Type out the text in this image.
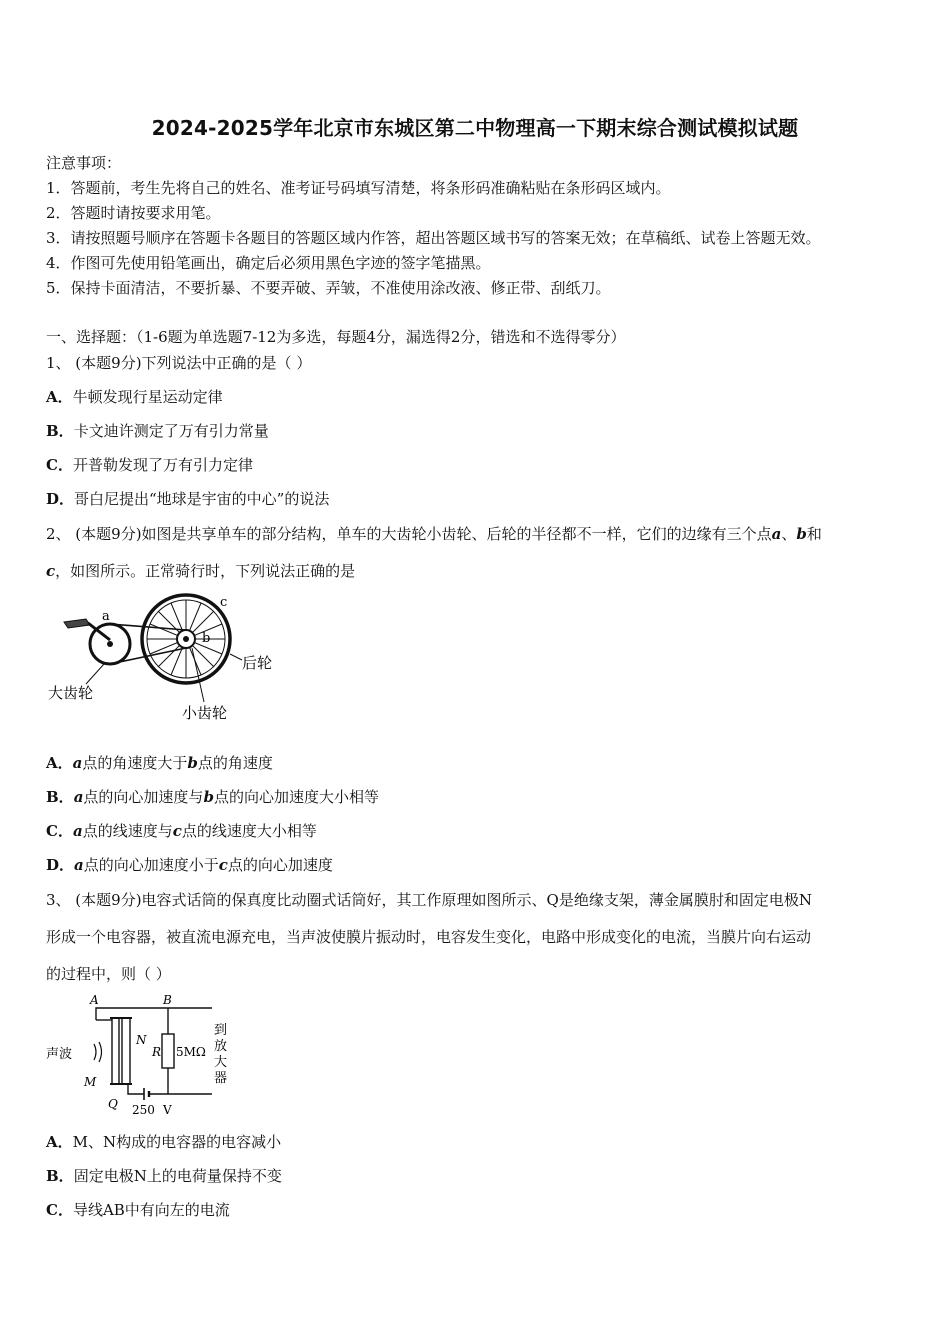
2024-2025学年北京市东城区第二中物理高一下期末综合测试模拟试题
注意事项：
1．答题前，考生先将自己的姓名、准考证号码填写清楚，将条形码准确粘贴在条形码区域内。
2．答题时请按要求用笔。
3．请按照题号顺序在答题卡各题目的答题区域内作答，超出答题区域书写的答案无效；在草稿纸、试卷上答题无效。
4．作图可先使用铅笔画出，确定后必须用黑色字迹的签字笔描黑。
5．保持卡面清洁，不要折暴、不要弄破、弄皱，不准使用涂改液、修正带、刮纸刀。
一、选择题：（1-6题为单选题7-12为多选，每题4分，漏选得2分，错选和不选得零分）
1、 (本题9分)下列说法中正确的是（ ）
A．牛顿发现行星运动定律
B．卡文迪许测定了万有引力常量
C．开普勒发现了万有引力定律
D．哥白尼提出“地球是宇宙的中心”的说法
2、 (本题9分)如图是共享单车的部分结构，单车的大齿轮小齿轮、后轮的半径都不一样，它们的边缘有三个点a、b和
c，如图所示。正常骑行时，下列说法正确的是
a
b
c
后轮
大齿轮
小齿轮
A．a点的角速度大于b点的角速度
B．a点的向心加速度与b点的向心加速度大小相等
C．a点的线速度与c点的线速度大小相等
D．a点的向心加速度小于c点的向心加速度
3、 (本题9分)电容式话筒的保真度比动圈式话筒好，其工作原理如图所示、Q是绝缘支架，薄金属膜肘和固定电极N
形成一个电容器，被直流电源充电，当声波使膜片振动时，电容发生变化，电路中形成变化的电流，当膜片向右运动
的过程中，则（ ）
A	B
N
R 5MΩ
M
Q
声波
250 V
到
放
大
器
A．M、N构成的电容器的电容减小
B．固定电极N上的电荷量保持不变
C．导线AB中有向左的电流
